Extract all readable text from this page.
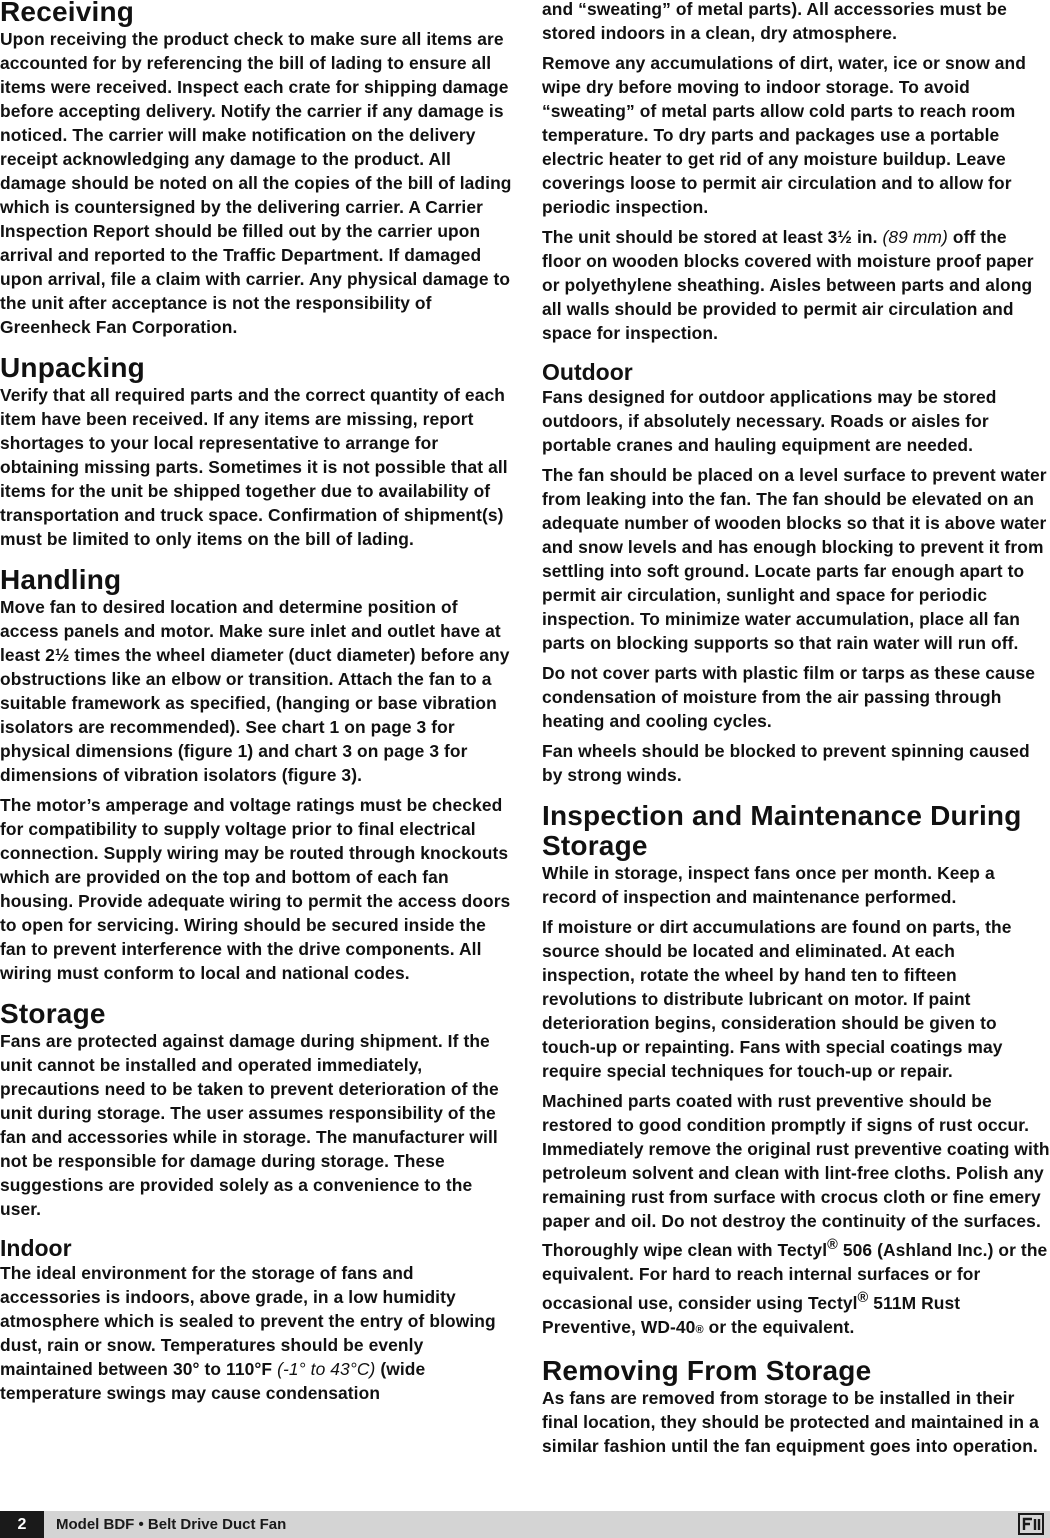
Receiving

Upon receiving the product check to make sure all items are accounted for by referencing the bill of lading to ensure all items were received. Inspect each crate for shipping damage before accepting delivery. Notify the carrier if any damage is noticed. The carrier will make notification on the delivery receipt acknowledging any damage to the product. All damage should be noted on all the copies of the bill of lading which is countersigned by the delivering carrier. A Carrier Inspection Report should be filled out by the carrier upon arrival and reported to the Traffic Department. If damaged upon arrival, file a claim with carrier. Any physical damage to the unit after acceptance is not the responsibility of Greenheck Fan Corporation.

Unpacking

Verify that all required parts and the correct quantity of each item have been received. If any items are missing, report shortages to your local representative to arrange for obtaining missing parts. Sometimes it is not possible that all items for the unit be shipped together due to availability of transportation and truck space. Confirmation of shipment(s) must be limited to only items on the bill of lading.

Handling

Move fan to desired location and determine position of access panels and motor. Make sure inlet and outlet have at least 2½ times the wheel diameter (duct diameter) before any obstructions like an elbow or transition. Attach the fan to a suitable framework as specified, (hanging or base vibration isolators are recommended). See chart 1 on page 3 for physical dimensions (figure 1) and chart 3 on page 3 for dimensions of vibration isolators (figure 3).

The motor’s amperage and voltage ratings must be checked for compatibility to supply voltage prior to final electrical connection. Supply wiring may be routed through knockouts which are provided on the top and bottom of each fan housing. Provide adequate wiring to permit the access doors to open for servicing. Wiring should be secured inside the fan to prevent interference with the drive components. All wiring must conform to local and national codes.

Storage

Fans are protected against damage during shipment. If the unit cannot be installed and operated immediately, precautions need to be taken to prevent deterioration of the unit during storage. The user assumes responsibility of the fan and accessories while in storage. The manufacturer will not be responsible for damage during storage. These suggestions are provided solely as a convenience to the user.

Indoor

The ideal environment for the storage of fans and accessories is indoors, above grade, in a low humidity atmosphere which is sealed to prevent the entry of blowing dust, rain or snow. Temperatures should be evenly maintained between 30° to 110°F (-1° to 43°C) (wide temperature swings may cause condensation

and “sweating” of metal parts). All accessories must be stored indoors in a clean, dry atmosphere.

Remove any accumulations of dirt, water, ice or snow and wipe dry before moving to indoor storage. To avoid “sweating” of metal parts allow cold parts to reach room temperature. To dry parts and packages use a portable electric heater to get rid of any moisture buildup. Leave coverings loose to permit air circulation and to allow for periodic inspection.

The unit should be stored at least 3½ in. (89 mm) off the floor on wooden blocks covered with moisture proof paper or polyethylene sheathing. Aisles between parts and along all walls should be provided to permit air circulation and space for inspection.

Outdoor

Fans designed for outdoor applications may be stored outdoors, if absolutely necessary. Roads or aisles for portable cranes and hauling equipment are needed.

The fan should be placed on a level surface to prevent water from leaking into the fan. The fan should be elevated on an adequate number of wooden blocks so that it is above water and snow levels and has enough blocking to prevent it from settling into soft ground. Locate parts far enough apart to permit air circulation, sunlight and space for periodic inspection. To minimize water accumulation, place all fan parts on blocking supports so that rain water will run off.

Do not cover parts with plastic film or tarps as these cause condensation of moisture from the air passing through heating and cooling cycles.

Fan wheels should be blocked to prevent spinning caused by strong winds.

Inspection and Maintenance During Storage

While in storage, inspect fans once per month. Keep a record of inspection and maintenance performed.

If moisture or dirt accumulations are found on parts, the source should be located and eliminated. At each inspection, rotate the wheel by hand ten to fifteen revolutions to distribute lubricant on motor. If paint deterioration begins, consideration should be given to touch-up or repainting. Fans with special coatings may require special techniques for touch-up or repair.

Machined parts coated with rust preventive should be restored to good condition promptly if signs of rust occur. Immediately remove the original rust preventive coating with petroleum solvent and clean with lint-free cloths. Polish any remaining rust from surface with crocus cloth or fine emery paper and oil. Do not destroy the continuity of the surfaces. Thoroughly wipe clean with Tectyl® 506 (Ashland Inc.) or the equivalent. For hard to reach internal surfaces or for occasional use, consider using Tectyl® 511M Rust Preventive, WD-40® or the equivalent.

Removing From Storage

As fans are removed from storage to be installed in their final location, they should be protected and maintained in a similar fashion until the fan equipment goes into operation.

2	Model BDF • Belt Drive Duct Fan
